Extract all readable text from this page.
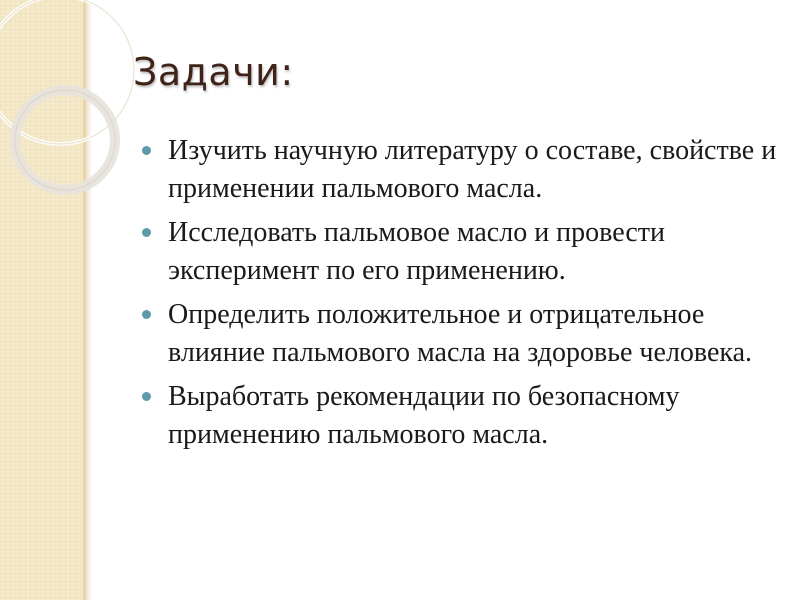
Задачи:
Изучить научную литературу о составе, свойстве и применении пальмового масла.
Исследовать пальмовое масло и провести эксперимент по его применению.
Определить положительное и отрицательное влияние пальмового масла на здоровье человека.
Выработать рекомендации по безопасному применению пальмового масла.
